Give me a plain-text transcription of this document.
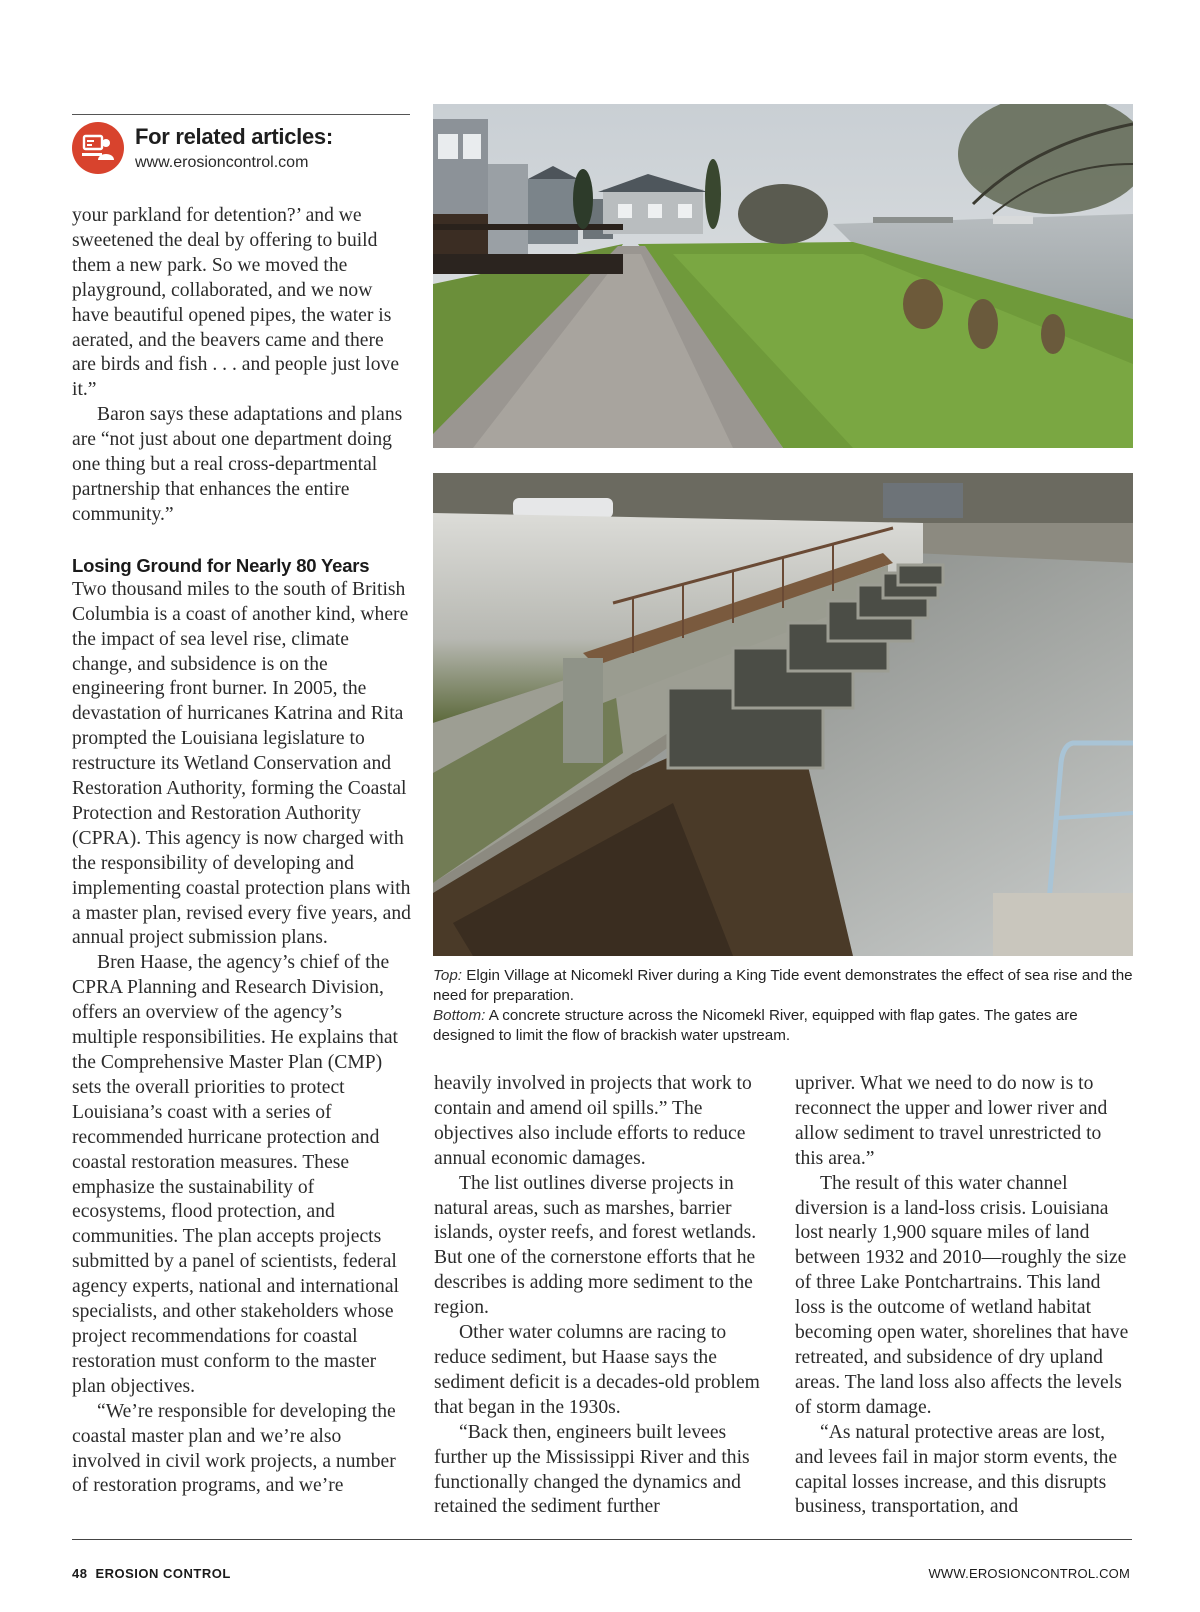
For related articles:
www.erosioncontrol.com

your parkland for detention?’ and we sweetened the deal by offering to build them a new park. So we moved the playground, collaborated, and we now have beautiful opened pipes, the water is aerated, and the beavers came and there are birds and fish . . . and people just love it.”

Baron says these adaptations and plans are “not just about one department doing one thing but a real cross-departmental partnership that enhances the entire community.”

Losing Ground for Nearly 80 Years

Two thousand miles to the south of British Columbia is a coast of another kind, where the impact of sea level rise, climate change, and subsidence is on the engineering front burner. In 2005, the devastation of hurricanes Katrina and Rita prompted the Louisiana legislature to restructure its Wetland Conservation and Restoration Authority, forming the Coastal Protection and Restoration Authority (CPRA). This agency is now charged with the responsibility of developing and implementing coastal protection plans with a master plan, revised every five years, and annual project submission plans.

Bren Haase, the agency’s chief of the CPRA Planning and Research Division, offers an overview of the agency’s multiple responsibilities. He explains that the Comprehensive Master Plan (CMP) sets the overall priorities to protect Louisiana’s coast with a series of recommended hurricane protection and coastal restoration measures. These emphasize the sustainability of ecosystems, flood protection, and communities. The plan accepts projects submitted by a panel of scientists, federal agency experts, national and international specialists, and other stakeholders whose project recommendations for coastal restoration must conform to the master plan objectives.

“We’re responsible for developing the coastal master plan and we’re also involved in civil work projects, a number of restoration programs, and we’re

Top: Elgin Village at Nicomekl River during a King Tide event demonstrates the effect of sea rise and the need for preparation.
Bottom: A concrete structure across the Nicomekl River, equipped with flap gates. The gates are designed to limit the flow of brackish water upstream.

heavily involved in projects that work to contain and amend oil spills.” The objectives also include efforts to reduce annual economic damages.

The list outlines diverse projects in natural areas, such as marshes, barrier islands, oyster reefs, and forest wetlands. But one of the cornerstone efforts that he describes is adding more sediment to the region.

Other water columns are racing to reduce sediment, but Haase says the sediment deficit is a decades-old problem that began in the 1930s.

“Back then, engineers built levees further up the Mississippi River and this functionally changed the dynamics and retained the sediment further

upriver. What we need to do now is to reconnect the upper and lower river and allow sediment to travel unrestricted to this area.”

The result of this water channel diversion is a land-loss crisis. Louisiana lost nearly 1,900 square miles of land between 1932 and 2010—roughly the size of three Lake Pontchartrains. This land loss is the outcome of wetland habitat becoming open water, shorelines that have retreated, and subsidence of dry upland areas. The land loss also affects the levels of storm damage.

“As natural protective areas are lost, and levees fail in major storm events, the capital losses increase, and this disrupts business, transportation, and

48 EROSION CONTROL	WWW.EROSIONCONTROL.COM
